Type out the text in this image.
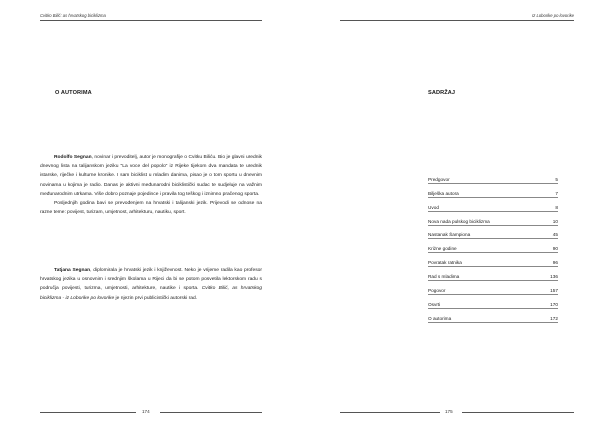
Cvitko Bilić: as hrvatskog biciklizma
O AUTORIMA

Rodolfo Segnan, novinar i prevoditelj, autor je monografije o Cvitku Biliću. Bio je glavni urednik dnevnog lista na talijanskom jeziku "La voce del popolo" iz Rijeke tijekom dva mandata te urednik istarske, riječke i kulturne kronike. I sam biciklist u mladim danima, pisao je o tom sportu u dnevnim novinama u kojima je radio. Danas je aktivni međunarodni biciklistički sudac te sudjeluje na važnim međunarodnim utrkama. Više dobro poznaje pojedince i pravila tog teškog i iznimno pračenog sporta.

Posljednjih godina bavi se prevođenjem na hrvatski i talijanski jezik. Prijevodi se odnose na razne teme: povijest, turizam, umjetnost, arhitekturu, nautiku, sport.

Tatjana Segnan, diplomirala je hrvatski jezik i književnost. Neko je vrijeme radila kao profesor hrvatskog jezika u osnovnim i srednjim školama u Rijeci da bi se potom posvetila lektorskom radu s područja povijesti, turizma, umjetnosti, arhitekture, nautike i sporta. Cvitko Bilić, as hrvatskog biciklizma - iz Loborike po lovorike je njezin prvi publicistički autorski rad.

174
Iz Loborike po lovorike
SADRŽAJ
Predgovor	5
Bilješka autora	7
Uvod	8
Nova nada pulskog biciklizma	10
Nastanak Šampiona	45
Kriżne godine	90
Povratak ratnika	96
Rad s mladima	136
Pogovor	157
Osvrti	170
O autorima	172
175
